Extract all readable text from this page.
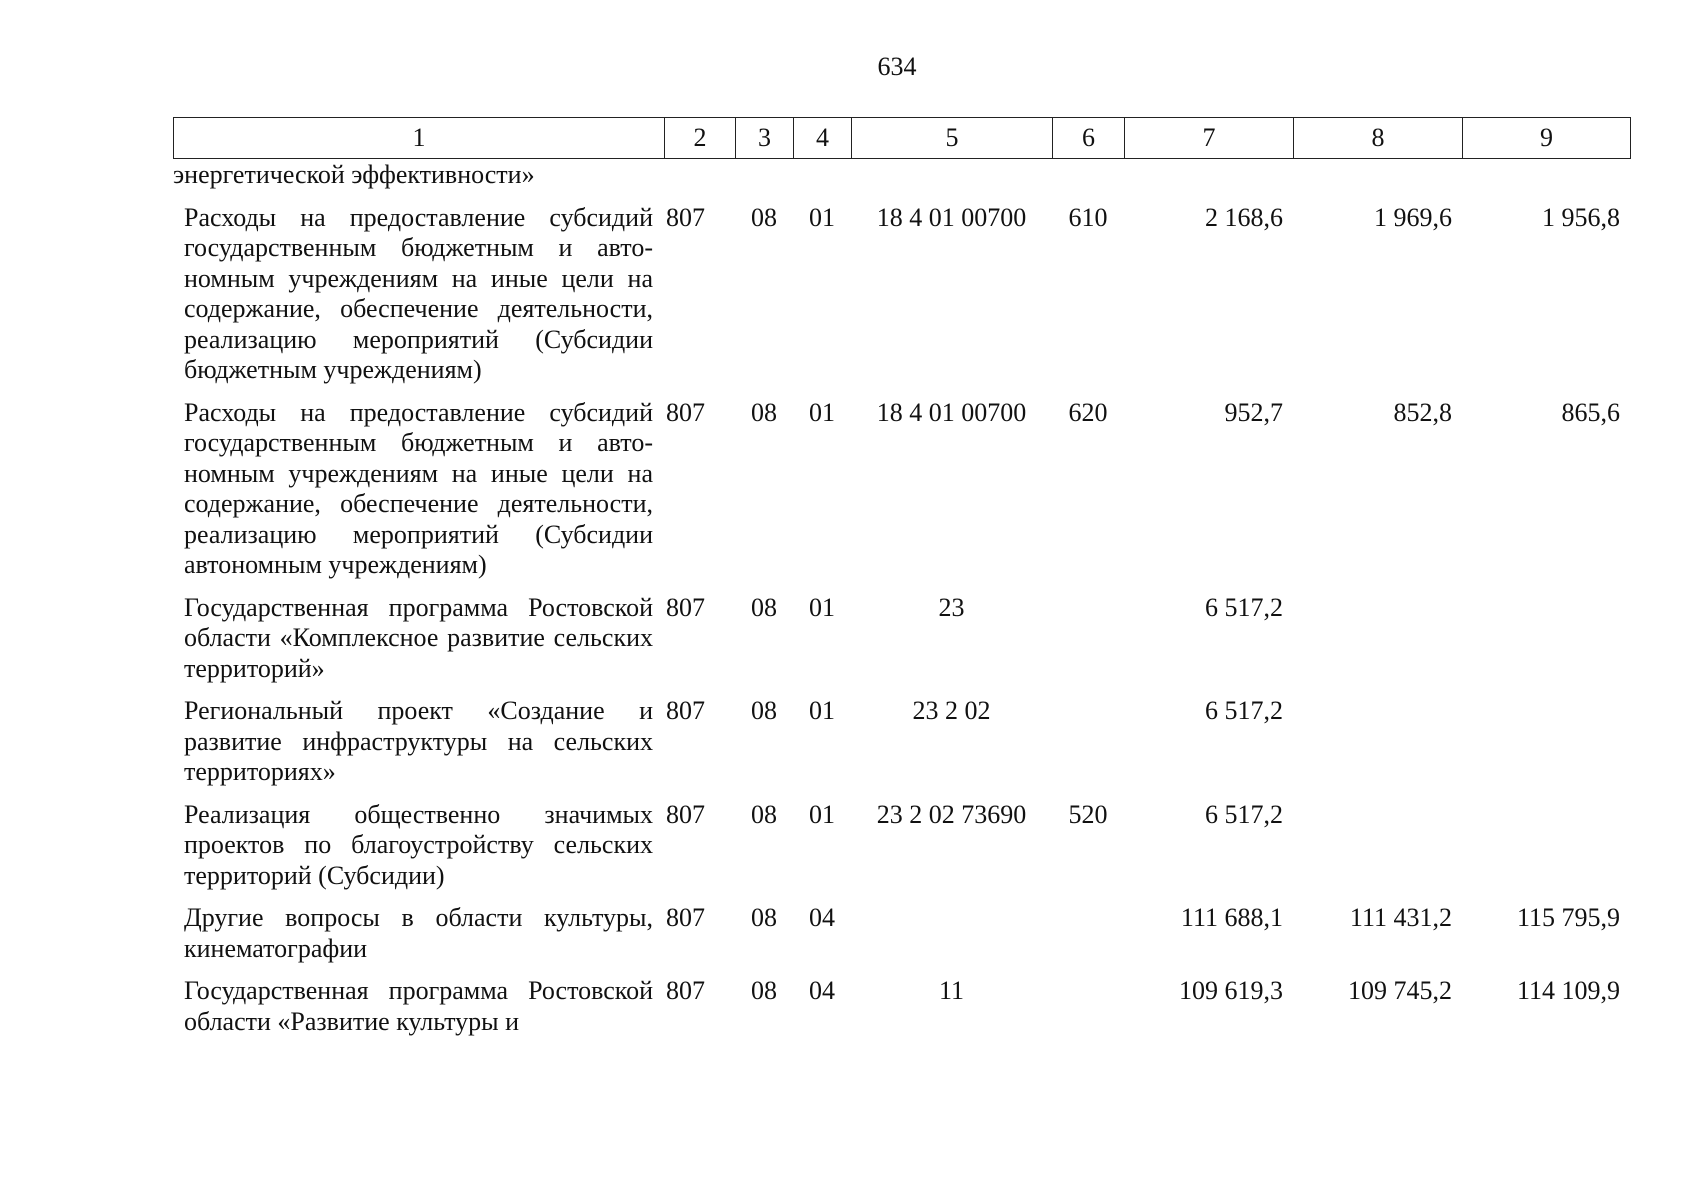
634
1	2	3	4	5	6	7	8	9
энергетической эффективности»								
Расходы на предоставление субсидий государственным бюджетным и автономным учреждениям на иные цели на содержание, обеспечение деятельности, реализацию мероприятий (Субсидии бюджетным учреждениям)	807	08	01	18 4 01 00700	610	2 168,6	1 969,6	1 956,8
Расходы на предоставление субсидий государственным бюджетным и автономным учреждениям на иные цели на содержание, обеспечение деятельности, реализацию мероприятий (Субсидии автономным учреждениям)	807	08	01	18 4 01 00700	620	952,7	852,8	865,6
Государственная программа Ростовской области «Комплексное развитие сельских территорий»	807	08	01	23		6 517,2		
Региональный проект «Создание и развитие инфраструктуры на сельских территориях»	807	08	01	23 2 02		6 517,2		
Реализация общественно значимых проектов по благоустройству сельских территорий (Субсидии)	807	08	01	23 2 02 73690	520	6 517,2		
Другие вопросы в области культуры, кинематографии	807	08	04			111 688,1	111 431,2	115 795,9
Государственная программа Ростовской области «Развитие культуры и	807	08	04	11		109 619,3	109 745,2	114 109,9
